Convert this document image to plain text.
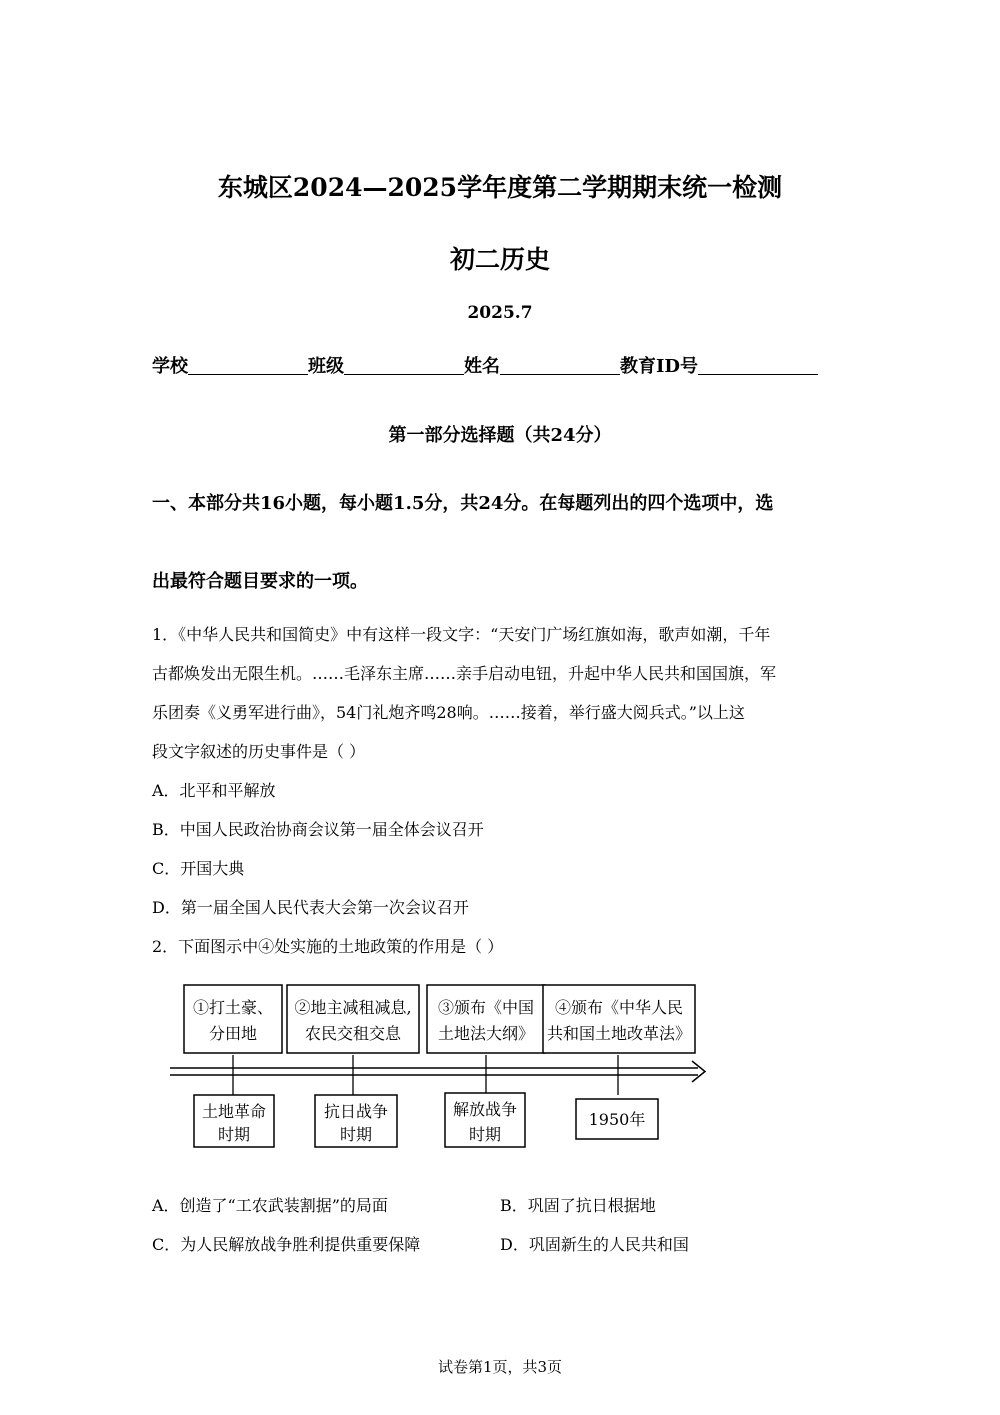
东城区2024—2025学年度第二学期期末统一检测
初二历史
2025.7
学校	班级	姓名	教育ID号
第一部分选择题（共24分）
一、本部分共16小题，每小题1.5分，共24分。在每题列出的四个选项中，选
出最符合题目要求的一项。
1．《中华人民共和国简史》中有这样一段文字：“天安门广场红旗如海，歌声如潮，千年
古都焕发出无限生机。……毛泽东主席……亲手启动电钮，升起中华人民共和国国旗，军
乐团奏《义勇军进行曲》，54门礼炮齐鸣28响。……接着，举行盛大阅兵式。”以上这
段文字叙述的历史事件是（ ）
A．北平和平解放
B．中国人民政治协商会议第一届全体会议召开
C．开国大典
D．第一届全国人民代表大会第一次会议召开
2．下面图示中④处实施的土地政策的作用是（ ）
①打土豪、
分田地
②地主减租减息,
农民交租交息
③颁布《中国
土地法大纲》
④颁布《中华人民
共和国土地改革法》
土地革命
时期
抗日战争
时期
解放战争
时期
1950年
A．创造了“工农武装割据”的局面	B．巩固了抗日根据地
C．为人民解放战争胜利提供重要保障	D．巩固新生的人民共和国
试卷第1页，共3页
